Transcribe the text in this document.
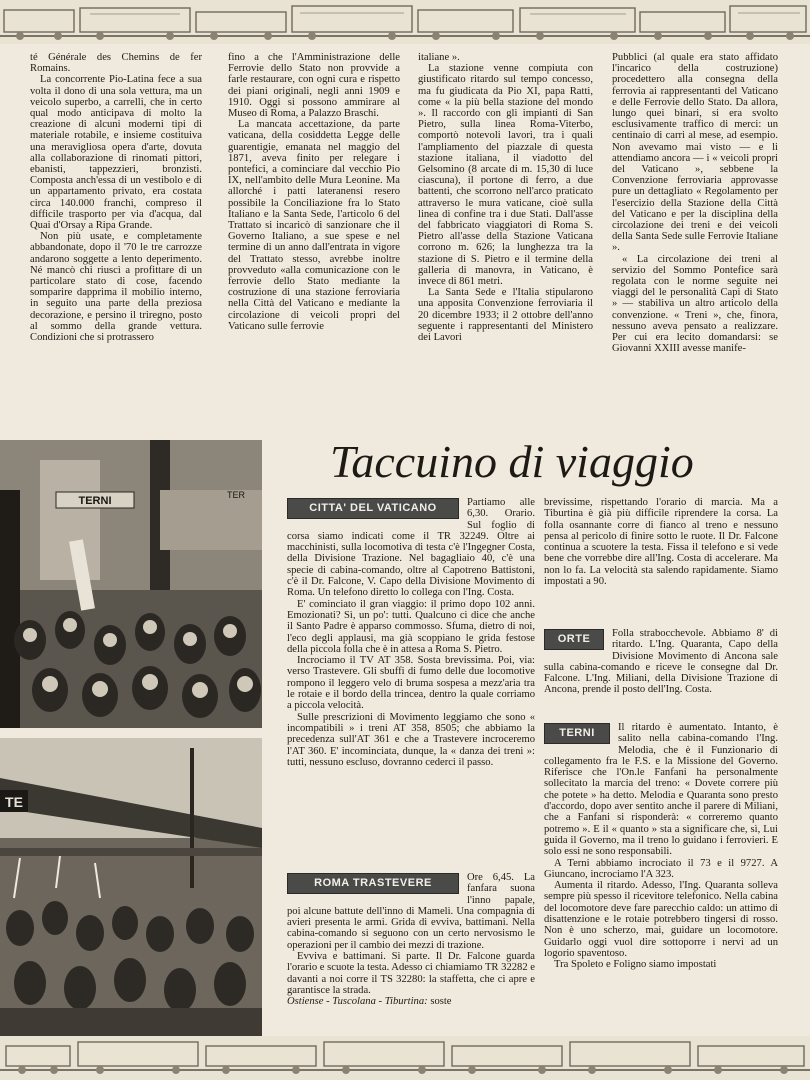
té Générale des Chemins de fer Romains.

La concorrente Pio-Latina fece a sua volta il dono di una sola vettura, ma un veicolo superbo, a carrelli, che in certo qual modo anticipava di molto la creazione di alcuni moderni tipi di materiale rotabile, e insieme costituiva una meravigliosa opera d'arte, dovuta alla collaborazione di rinomati pittori, ebanisti, tappezzieri, bronzisti. Composta anch'essa di un vestibolo e di un appartamento privato, era costata circa 140.000 franchi, compreso il difficile trasporto per via d'acqua, dal Quai d'Orsay a Ripa Grande.

Non più usate, e completamente abbandonate, dopo il '70 le tre carrozze andarono soggette a lento deperimento. Né mancò chi riuscì a profittare di un particolare stato di cose, facendo somparire dapprima il mobilio interno, in seguito una parte della preziosa decorazione, e persino il triregno, posto al sommo della grande vettura. Condizioni che si protrassero

fino a che l'Amministrazione delle Ferrovie dello Stato non provvide a farle restaurare, con ogni cura e rispetto dei piani originali, negli anni 1909 e 1910. Oggi si possono ammirare al Museo di Roma, a Palazzo Braschi.

La mancata accettazione, da parte vaticana, della cosiddetta Legge delle guarentigie, emanata nel maggio del 1871, aveva finito per relegare i pontefici, a cominciare dal vecchio Pio IX, nell'ambito delle Mura Leonine. Ma allorché i patti lateranensi resero possibile la Conciliazione fra lo Stato Italiano e la Santa Sede, l'articolo 6 del Trattato si incaricò di sanzionare che il Governo Italiano, a sue spese e nel termine di un anno dall'entrata in vigore del Trattato stesso, avrebbe inoltre provveduto «alla comunicazione con le ferrovie dello Stato mediante la costruzione di una stazione ferroviaria nella Città del Vaticano e mediante la circolazione di veicoli propri del Vaticano sulle ferrovie

italiane ».

La stazione venne compiuta con giustificato ritardo sul tempo concesso, ma fu giudicata da Pio XI, papa Ratti, come « la più bella stazione del mondo ». Il raccordo con gli impianti di San Pietro, sulla linea Roma-Viterbo, comportò notevoli lavori, tra i quali l'ampliamento del piazzale di questa stazione italiana, il viadotto del Gelsomino (8 arcate di m. 15,30 di luce ciascuna), il portone di ferro, a due battenti, che scorrono nell'arco praticato attraverso le mura vaticane, cioè sulla linea di confine tra i due Stati. Dall'asse del fabbricato viaggiatori di Roma S. Pietro all'asse della Stazione Vaticana corrono m. 626; la lunghezza tra la stazione di S. Pietro e il termine della galleria di manovra, in Vaticano, è invece di 861 metri.

La Santa Sede e l'Italia stipularono una apposita Convenzione ferroviaria il 20 dicembre 1933; il 2 ottobre dell'anno seguente i rappresentanti del Ministero dei Lavori

Pubblici (al quale era stato affidato l'incarico della costruzione) procedettero alla consegna della ferrovia ai rappresentanti del Vaticano e delle Ferrovie dello Stato. Da allora, lungo quei binari, si era svolto esclusivamente traffico di merci: un centinaio di carri al mese, ad esempio. Non avevamo mai visto — e li attendiamo ancora — i « veicoli propri del Vaticano », sebbene la Convenzione ferroviaria approvasse pure un dettagliato « Regolamento per l'esercizio della Stazione della Città del Vaticano e per la disciplina della circolazione dei treni e dei veicoli della Santa Sede sulle Ferrovie Italiane ».

« La circolazione dei treni al servizio del Sommo Pontefice sarà regolata con le norme seguite nei viaggi del le personalità Capi di Stato » — stabiliva un altro articolo della convenzione. « Treni », che, finora, nessuno aveva pensato a realizzare. Per cui era lecito domandarsi: se Giovanni XXIII avesse manife-

TERNI	TER
TE
Taccuino di viaggio
CITTA' DEL VATICANO	Partiamo alle 6,30. Orario. Sul foglio di corsa siamo indicati come il TR 32249. Oltre ai macchinisti, sulla locomotiva di testa c'è l'Ingegner Costa, della Divisione Trazione. Nel bagagliaio 40, c'è una specie di cabina-comando, oltre al Capotreno Battistoni, c'è il Dr. Falcone, V. Capo della Divisione Movimento di Roma. Un telefono diretto lo collega con l'Ing. Costa.

E' cominciato il gran viaggio: il primo dopo 102 anni. Emozionati? Sì, un po': tutti. Qualcuno ci dice che anche il Santo Padre è apparso commosso. Sfuma, dietro di noi, l'eco degli applausi, ma già scoppiano le grida festose della piccola folla che è in attesa a Roma S. Pietro.

Incrociamo il TV AT 358. Sosta brevissima. Poi, via: verso Trastevere. Gli sbuffi di fumo delle due locomotive rompono il leggero velo di bruma sospesa a mezz'aria tra le rotaie e il bordo della trincea, dentro la quale corriamo a piccola velocità.

Sulle prescrizioni di Movimento leggiamo che sono « incompatibili » i treni AT 358, 8505; che abbiamo la precedenza sull'AT 361 e che a Trastevere incroceremo l'AT 360. E' incominciata, dunque, la « danza dei treni »: tutti, nessuno escluso, dovranno cederci il passo.

ROMA TRASTEVERE	Ore 6,45. La fanfara suona l'inno papale, poi alcune battute dell'inno di Mameli. Una compagnia di avieri presenta le armi. Grida di evviva, battimani. Nella cabina-comando si seguono con un certo nervosismo le operazioni per il cambio dei mezzi di trazione.

Evviva e battimani. Si parte. Il Dr. Falcone guarda l'orario e scuote la testa. Adesso ci chiamiamo TR 32282 e davanti a noi corre il TS 32280: la staffetta, che ci apre e garantisce la strada.

Ostiense - Tuscolana - Tiburtina: soste

brevissime, rispettando l'orario di marcia. Ma a Tiburtina è già più difficile riprendere la corsa. La folla osannante corre di fianco al treno e nessuno pensa al pericolo di finire sotto le ruote. Il Dr. Falcone continua a scuotere la testa. Fissa il telefono e si vede bene che vorrebbe dire all'Ing. Costa di accelerare. Ma non lo fa. La velocità sta salendo rapidamente. Siamo impostati a 90.

ORTE	Folla strabocchevole. Abbiamo 8' di ritardo. L'Ing. Quaranta, Capo della Divisione Movimento di Ancona sale sulla cabina-comando e riceve le consegne dal Dr. Falcone. L'Ing. Miliani, della Divisione Trazione di Ancona, prende il posto dell'Ing. Costa.

TERNI	Il ritardo è aumentato. Intanto, è salito nella cabina-comando l'Ing. Melodia, che è il Funzionario di collegamento fra le F.S. e la Missione del Governo. Riferisce che l'On.le Fanfani ha personalmente sollecitato la marcia del treno: « Dovete correre più che potete » ha detto. Melodia e Quaranta sono presto d'accordo, dopo aver sentito anche il parere di Miliani, che a Fanfani si risponderà: « correremo quanto potremo ». E il « quanto » sta a significare che, sì, Lui guida il Governo, ma il treno lo guidano i ferrovieri. E solo essi ne sono responsabili.

A Terni abbiamo incrociato il 73 e il 9727. A Giuncano, incrociamo l'A 323.

Aumenta il ritardo. Adesso, l'Ing. Quaranta solleva sempre più spesso il ricevitore telefonico. Nella cabina del locomotore deve fare parecchio caldo: un attimo di disattenzione e le rotaie potrebbero tingersi di rosso. Non è uno scherzo, mai, guidare un locomotore. Guidarlo oggi vuol dire sottoporre i nervi ad un logorio spaventoso.

Tra Spoleto e Foligno siamo impostati
